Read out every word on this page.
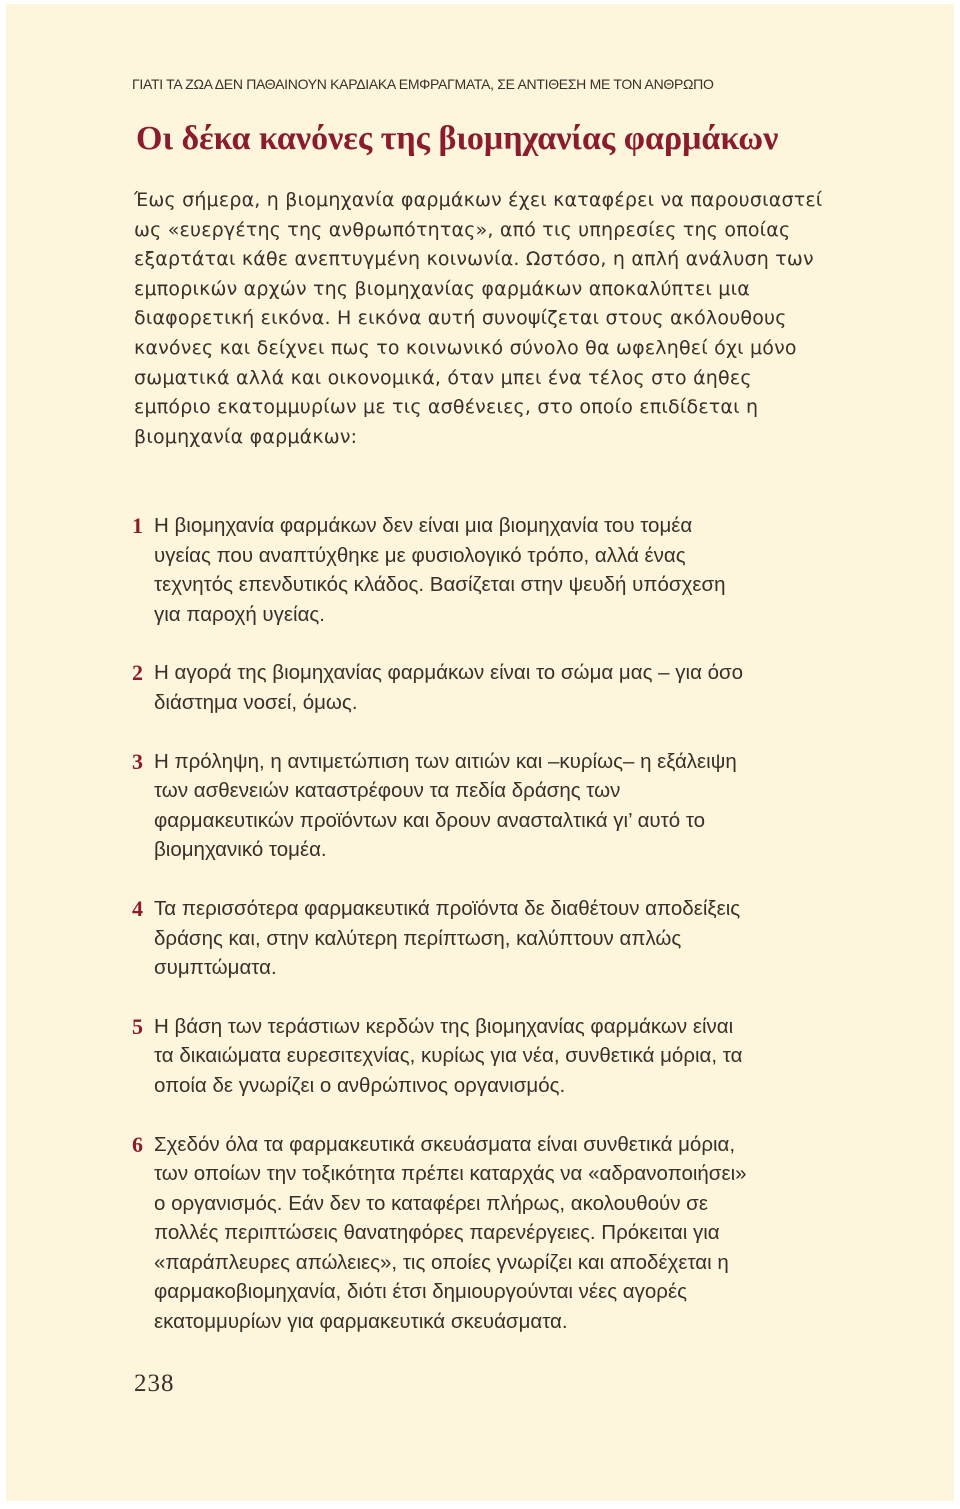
ΓΙΑΤΙ ΤΑ ΖΩΑ ΔΕΝ ΠΑΘΑΙΝΟΥΝ ΚΑΡΔΙΑΚΑ ΕΜΦΡΑΓΜΑΤΑ, ΣΕ ΑΝΤΙΘΕΣΗ ΜΕ ΤΟΝ ΑΝΘΡΩΠΟ
Οι δέκα κανόνες της βιομηχανίας φαρμάκων

Έως σήμερα, η βιομηχανία φαρμάκων έχει καταφέρει να παρουσιαστεί ως «ευεργέτης της ανθρωπότητας», από τις υπηρεσίες της οποίας εξαρτάται κάθε ανεπτυγμένη κοινωνία. Ωστόσο, η απλή ανάλυση των εμπορικών αρχών της βιομηχανίας φαρμάκων αποκαλύπτει μια διαφορετική εικόνα. Η εικόνα αυτή συνοψίζεται στους ακόλουθους κανόνες και δείχνει πως το κοινωνικό σύνολο θα ωφεληθεί όχι μόνο σωματικά αλλά και οικονομικά, όταν μπει ένα τέλος στο άηθες εμπόριο εκατομμυρίων με τις ασθένειες, στο οποίο επιδίδεται η βιομηχανία φαρμάκων:

1 Η βιομηχανία φαρμάκων δεν είναι μια βιομηχανία του τομέα
υγείας που αναπτύχθηκε με φυσιολογικό τρόπο, αλλά ένας
τεχνητός επενδυτικός κλάδος. Βασίζεται στην ψευδή υπόσχεση
για παροχή υγείας.
2 Η αγορά της βιομηχανίας φαρμάκων είναι το σώμα μας – για όσο
διάστημα νοσεί, όμως.
3 Η πρόληψη, η αντιμετώπιση των αιτιών και –κυρίως– η εξάλειψη
των ασθενειών καταστρέφουν τα πεδία δράσης των
φαρμακευτικών προϊόντων και δρουν ανασταλτικά γι’ αυτό το
βιομηχανικό τομέα.
4 Τα περισσότερα φαρμακευτικά προϊόντα δε διαθέτουν αποδείξεις
δράσης και, στην καλύτερη περίπτωση, καλύπτουν απλώς
συμπτώματα.
5 Η βάση των τεράστιων κερδών της βιομηχανίας φαρμάκων είναι
τα δικαιώματα ευρεσιτεχνίας, κυρίως για νέα, συνθετικά μόρια, τα
οποία δε γνωρίζει ο ανθρώπινος οργανισμός.
6 Σχεδόν όλα τα φαρμακευτικά σκευάσματα είναι συνθετικά μόρια,
των οποίων την τοξικότητα πρέπει καταρχάς να «αδρανοποιήσει»
ο οργανισμός. Εάν δεν το καταφέρει πλήρως, ακολουθούν σε
πολλές περιπτώσεις θανατηφόρες παρενέργειες. Πρόκειται για
«παράπλευρες απώλειες», τις οποίες γνωρίζει και αποδέχεται η
φαρμακοβιομηχανία, διότι έτσι δημιουργούνται νέες αγορές
εκατομμυρίων για φαρμακευτικά σκευάσματα.
238
